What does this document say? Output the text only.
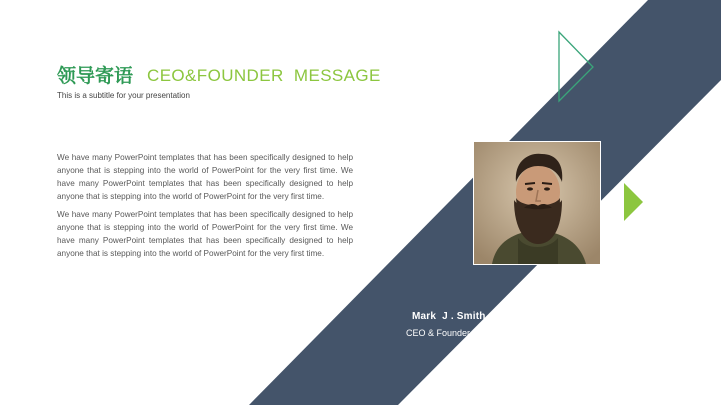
领导寄语 CEO&FOUNDER  MESSAGE
This is a subtitle for your presentation

We have many PowerPoint templates that has been specifically designed to help anyone that is stepping into the world of PowerPoint for the very first time. We have many PowerPoint templates that has been specifically designed to help anyone that is stepping into the world of PowerPoint for the very first time.

We have many PowerPoint templates that has been specifically designed to help anyone that is stepping into the world of PowerPoint for the very first time. We have many PowerPoint templates that has been specifically designed to help anyone that is stepping into the world of PowerPoint for the very first time.

Mark  J . Smith
CEO & Founder
